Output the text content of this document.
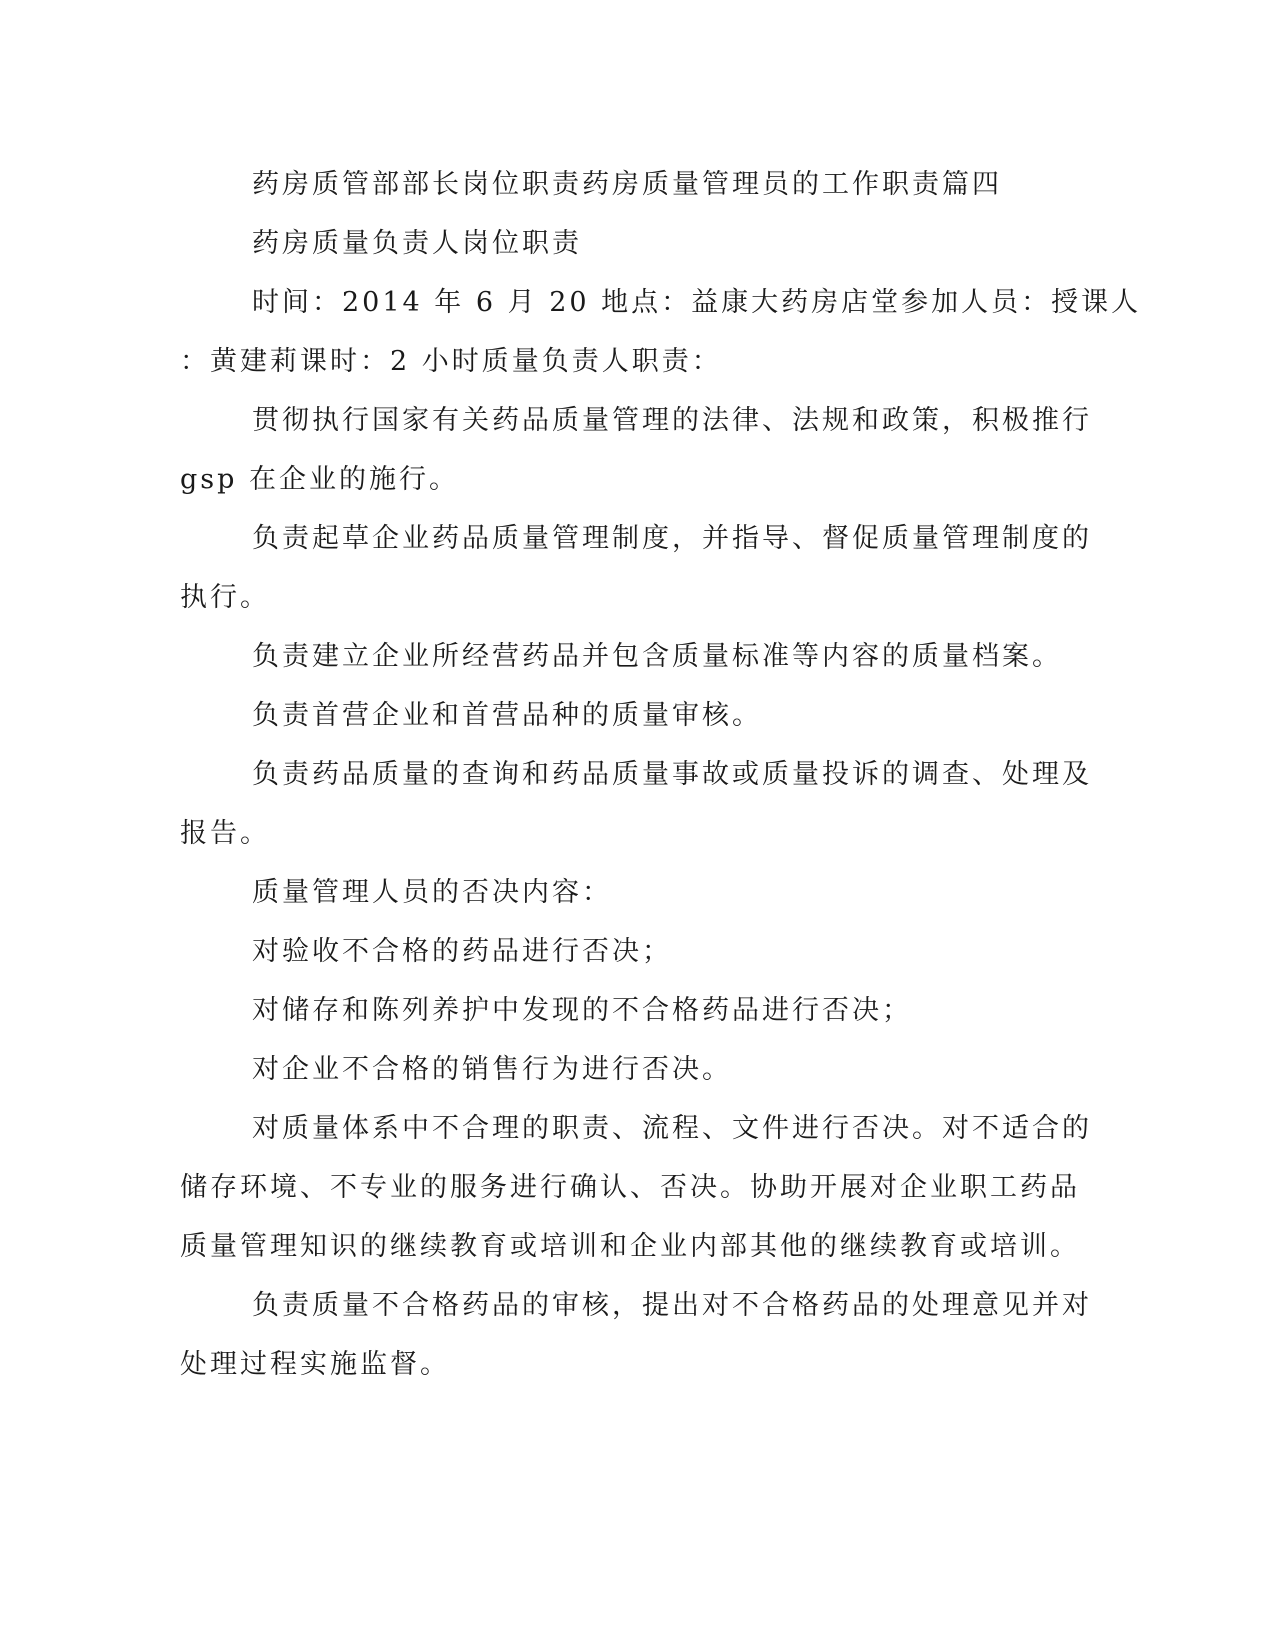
药房质管部部长岗位职责药房质量管理员的工作职责篇四
药房质量负责人岗位职责
时间：2014 年 6 月 20 地点：益康大药房店堂参加人员：授课人
：黄建莉课时：2 小时质量负责人职责：
贯彻执行国家有关药品质量管理的法律、法规和政策，积极推行
gsp 在企业的施行。
负责起草企业药品质量管理制度，并指导、督促质量管理制度的
执行。
负责建立企业所经营药品并包含质量标准等内容的质量档案。
负责首营企业和首营品种的质量审核。
负责药品质量的查询和药品质量事故或质量投诉的调查、处理及
报告。
质量管理人员的否决内容：
对验收不合格的药品进行否决；
对储存和陈列养护中发现的不合格药品进行否决；
对企业不合格的销售行为进行否决。
对质量体系中不合理的职责、流程、文件进行否决。对不适合的
储存环境、不专业的服务进行确认、否决。协助开展对企业职工药品
质量管理知识的继续教育或培训和企业内部其他的继续教育或培训。
负责质量不合格药品的审核，提出对不合格药品的处理意见并对
处理过程实施监督。
